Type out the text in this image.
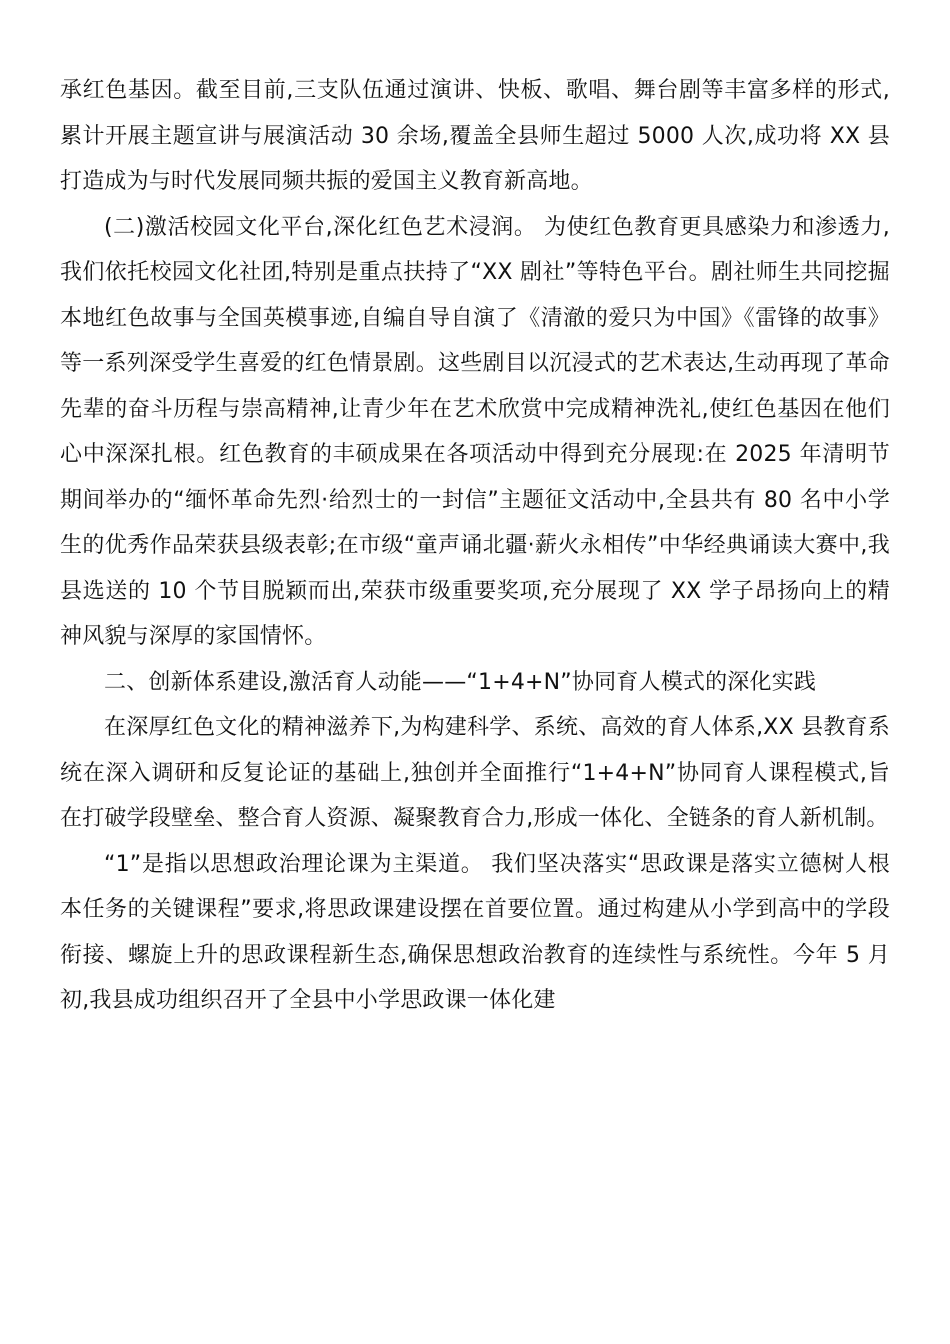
承红色基因。截至目前,三支队伍通过演讲、快板、歌唱、舞台剧等丰富多样的形式,累计开展主题宣讲与展演活动 30 余场,覆盖全县师生超过 5000 人次,成功将 XX 县打造成为与时代发展同频共振的爱国主义教育新高地。

(二)激活校园文化平台,深化红色艺术浸润。 为使红色教育更具感染力和渗透力,我们依托校园文化社团,特别是重点扶持了“XX 剧社”等特色平台。剧社师生共同挖掘本地红色故事与全国英模事迹,自编自导自演了《清澈的爱只为中国》《雷锋的故事》等一系列深受学生喜爱的红色情景剧。这些剧目以沉浸式的艺术表达,生动再现了革命先辈的奋斗历程与崇高精神,让青少年在艺术欣赏中完成精神洗礼,使红色基因在他们心中深深扎根。红色教育的丰硕成果在各项活动中得到充分展现:在 2025 年清明节期间举办的“缅怀革命先烈·给烈士的一封信”主题征文活动中,全县共有 80 名中小学生的优秀作品荣获县级表彰;在市级“童声诵北疆·薪火永相传”中华经典诵读大赛中,我县选送的 10 个节目脱颖而出,荣获市级重要奖项,充分展现了 XX 学子昂扬向上的精神风貌与深厚的家国情怀。

二、创新体系建设,激活育人动能——“1+4+N”协同育人模式的深化实践

在深厚红色文化的精神滋养下,为构建科学、系统、高效的育人体系,XX 县教育系统在深入调研和反复论证的基础上,独创并全面推行“1+4+N”协同育人课程模式,旨在打破学段壁垒、整合育人资源、凝聚教育合力,形成一体化、全链条的育人新机制。

“1”是指以思想政治理论课为主渠道。 我们坚决落实“思政课是落实立德树人根本任务的关键课程”要求,将思政课建设摆在首要位置。通过构建从小学到高中的学段衔接、螺旋上升的思政课程新生态,确保思想政治教育的连续性与系统性。今年 5 月初,我县成功组织召开了全县中小学思政课一体化建
